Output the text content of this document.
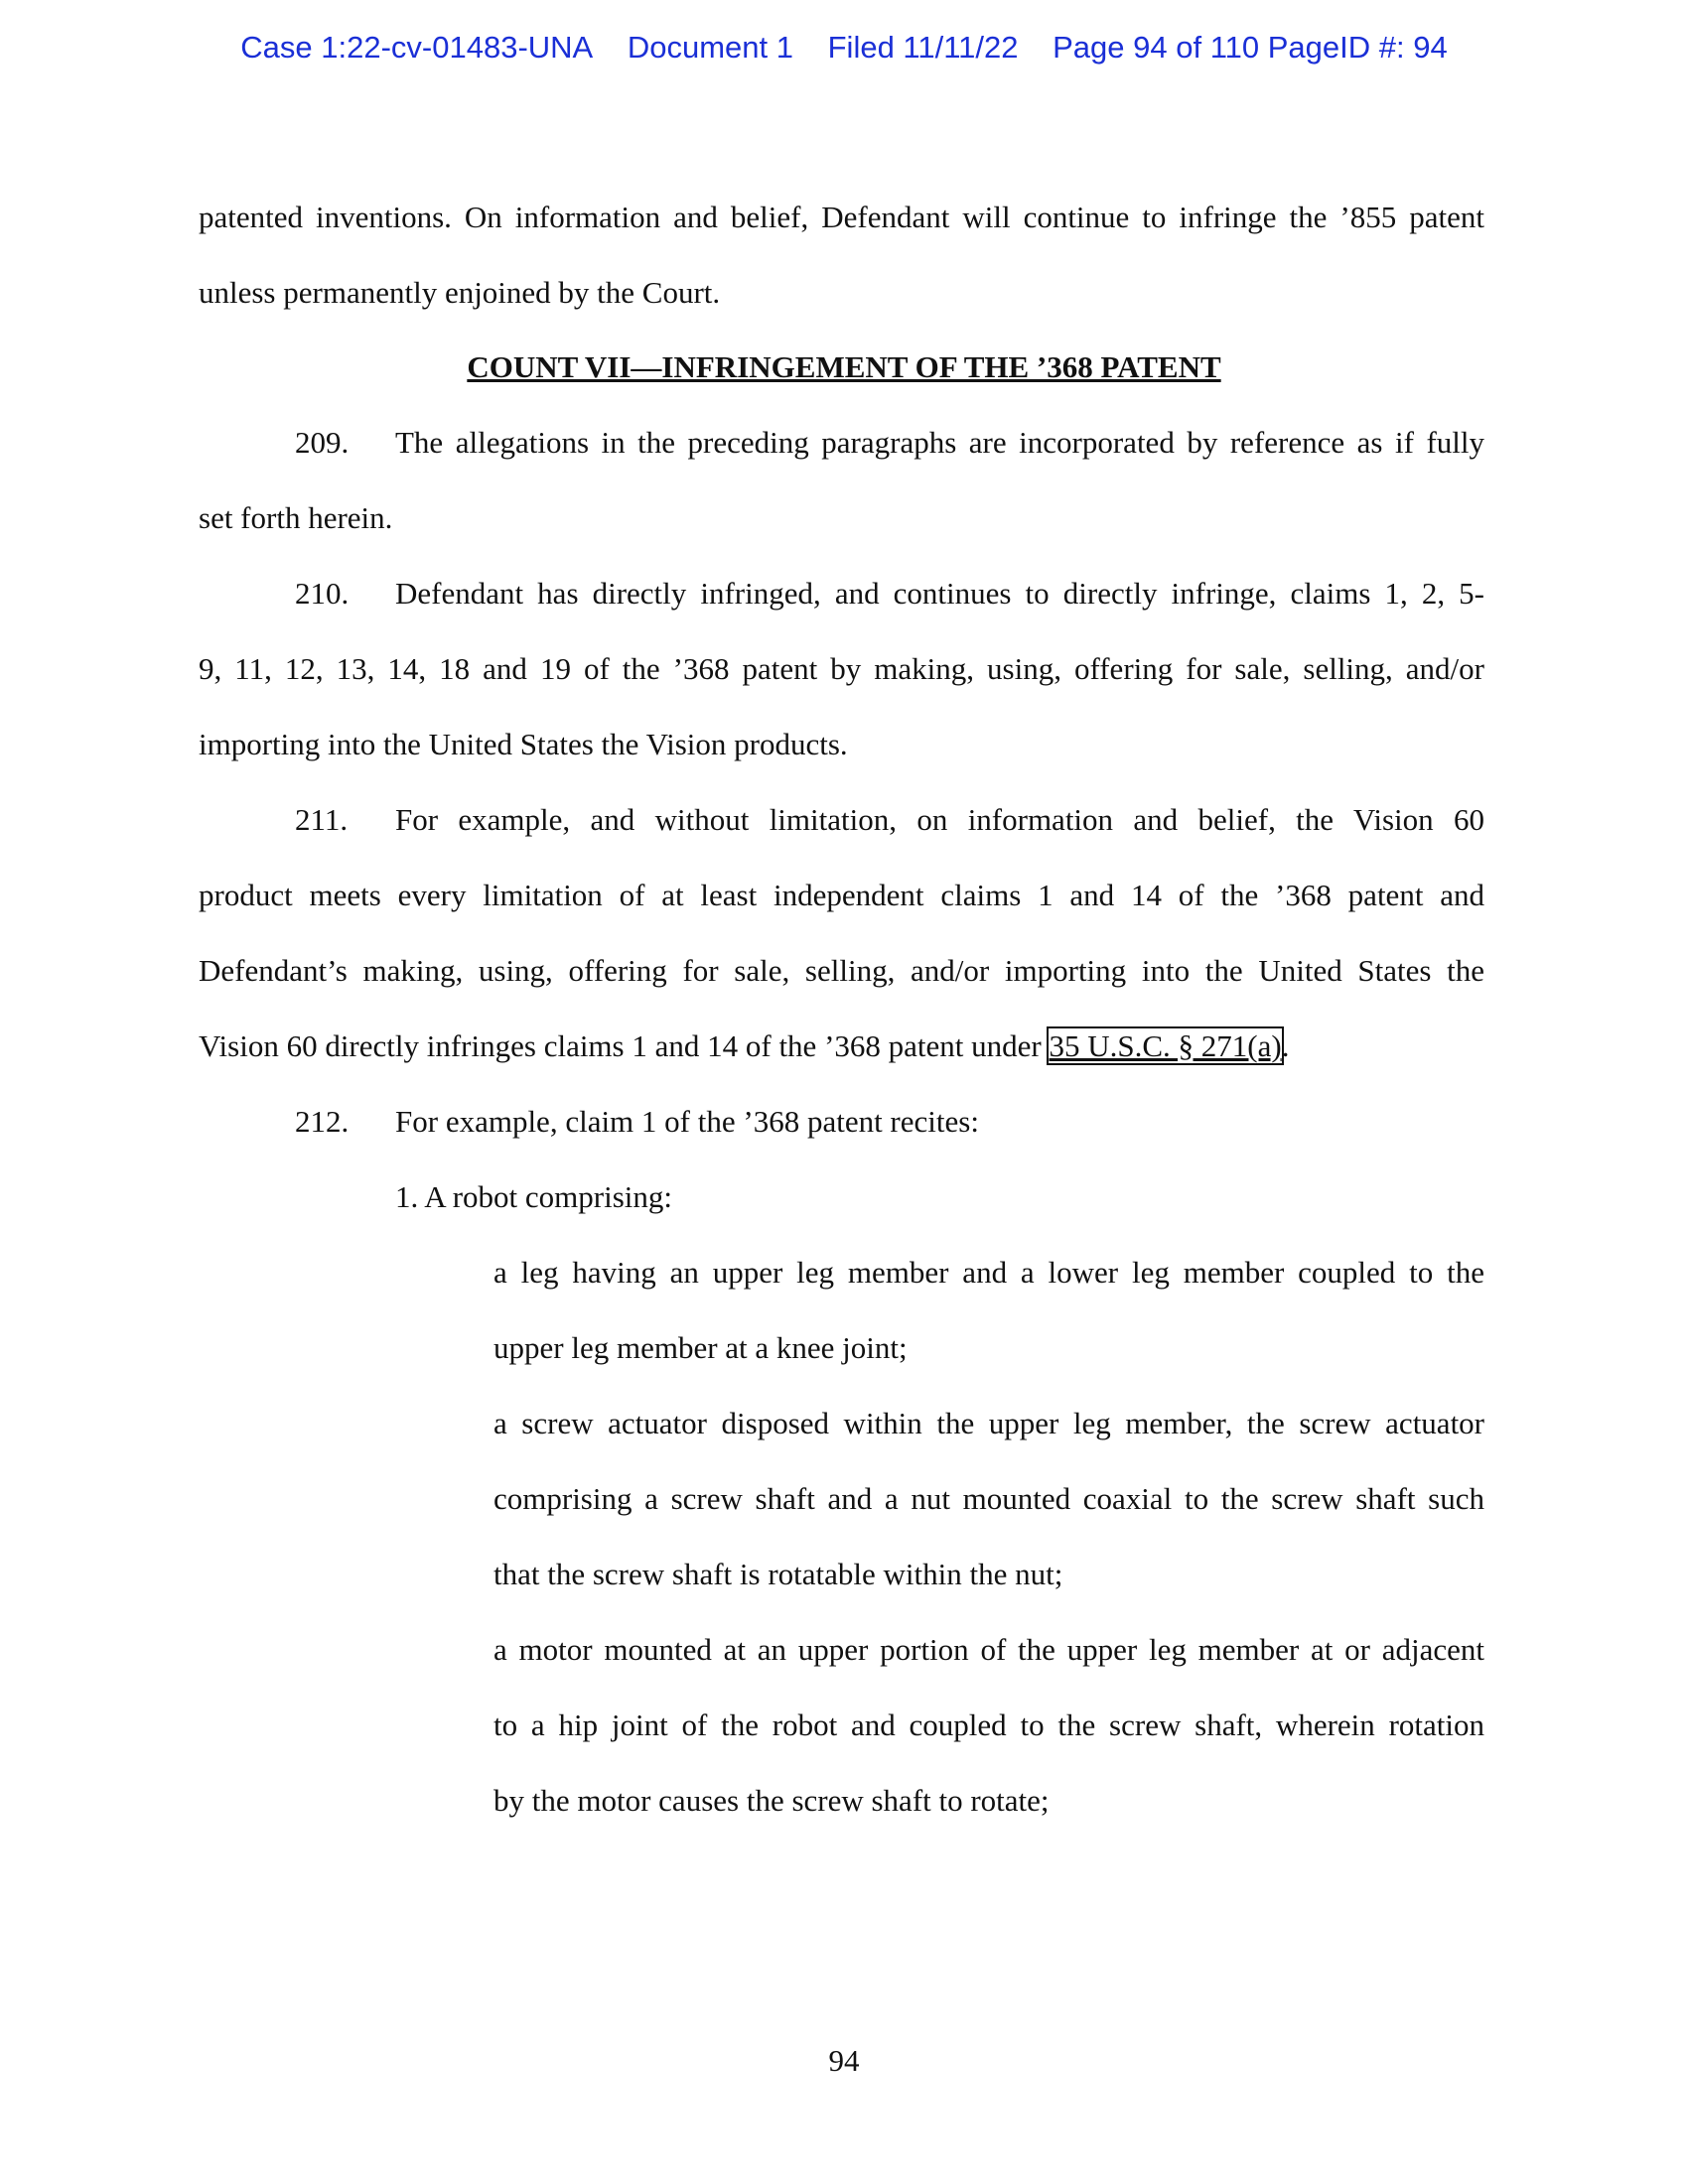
Case 1:22-cv-01483-UNA Document 1 Filed 11/11/22 Page 94 of 110 PageID #: 94
patented inventions. On information and belief, Defendant will continue to infringe the ’855 patent
unless permanently enjoined by the Court.
COUNT VII—INFRINGEMENT OF THE ’368 PATENT
209. The allegations in the preceding paragraphs are incorporated by reference as if fully
set forth herein.
210. Defendant has directly infringed, and continues to directly infringe, claims 1, 2, 5-
9, 11, 12, 13, 14, 18 and 19 of the ’368 patent by making, using, offering for sale, selling, and/or
importing into the United States the Vision products.
211. For example, and without limitation, on information and belief, the Vision 60
product meets every limitation of at least independent claims 1 and 14 of the ’368 patent and
Defendant’s making, using, offering for sale, selling, and/or importing into the United States the
Vision 60 directly infringes claims 1 and 14 of the ’368 patent under 35 U.S.C. § 271(a).
212. For example, claim 1 of the ’368 patent recites:
1. A robot comprising:
a leg having an upper leg member and a lower leg member coupled to the
upper leg member at a knee joint;
a screw actuator disposed within the upper leg member, the screw actuator
comprising a screw shaft and a nut mounted coaxial to the screw shaft such
that the screw shaft is rotatable within the nut;
a motor mounted at an upper portion of the upper leg member at or adjacent
to a hip joint of the robot and coupled to the screw shaft, wherein rotation
by the motor causes the screw shaft to rotate;
94
